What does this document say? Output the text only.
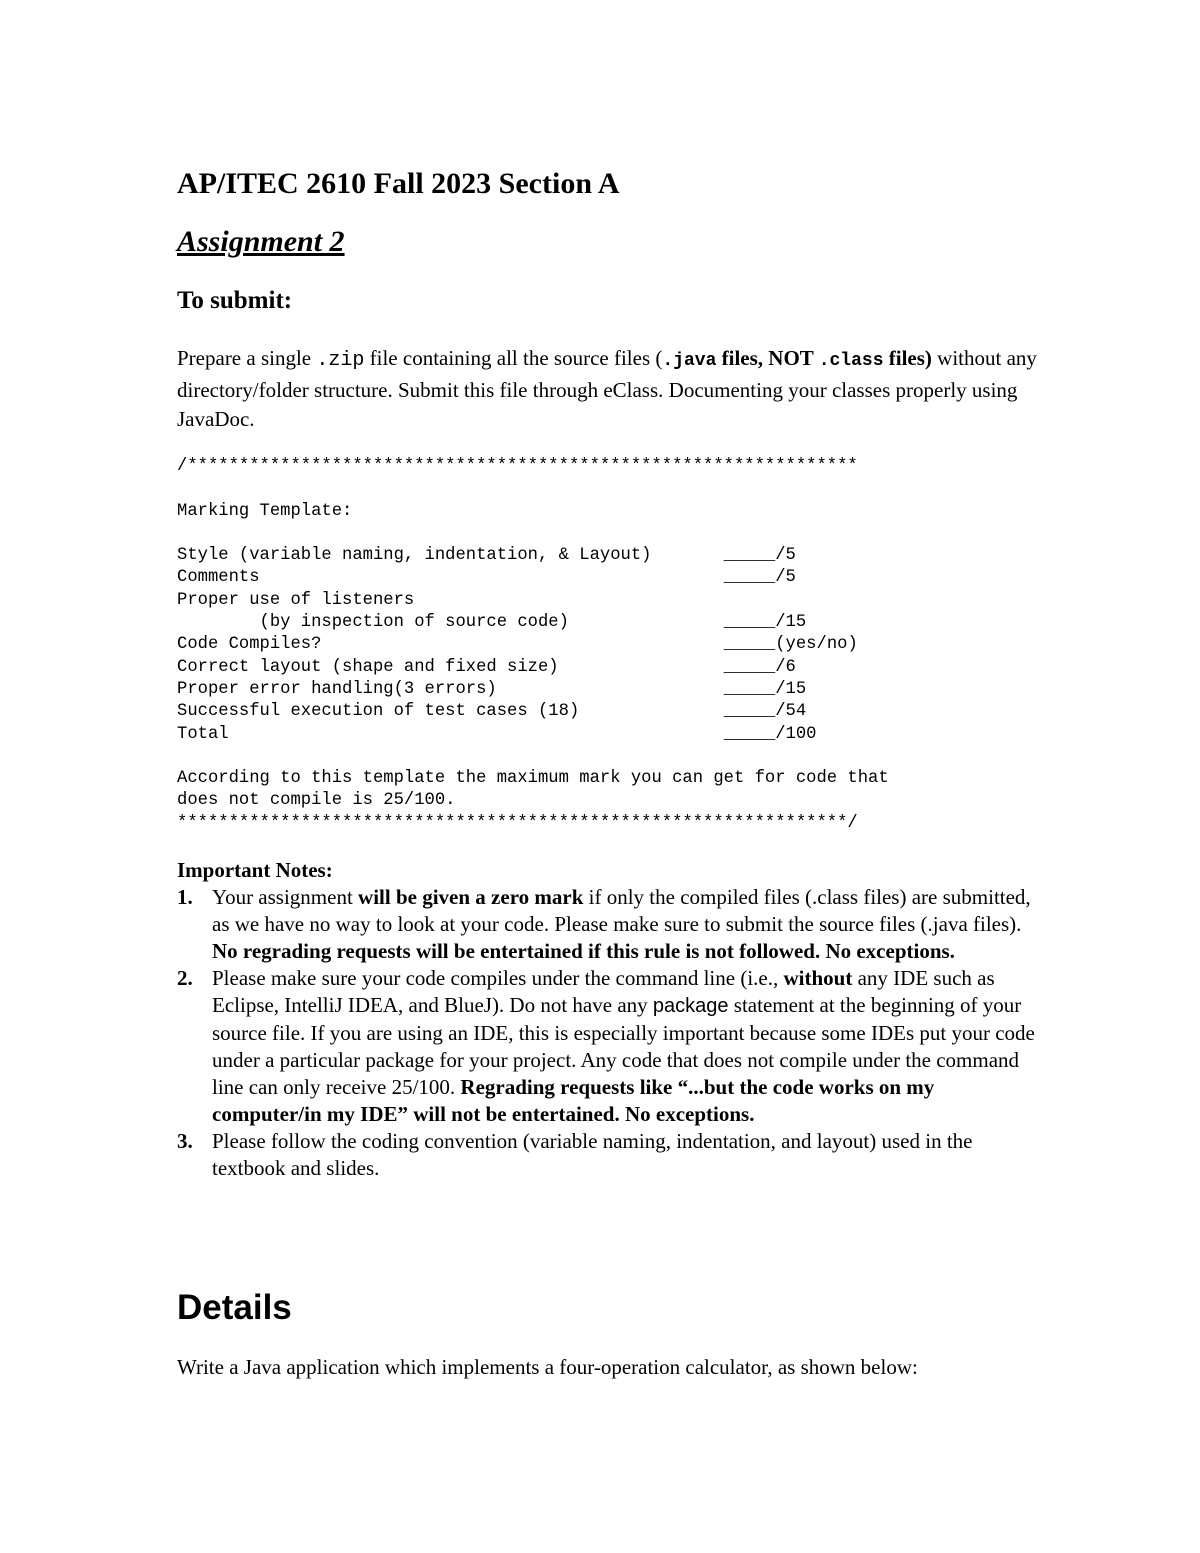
AP/ITEC 2610 Fall 2023 Section A
Assignment 2
To submit:
Prepare a single .zip file containing all the source files (.java files, NOT .class files) without any directory/folder structure. Submit this file through eClass. Documenting your classes properly using JavaDoc.
/*****************************************************************

Marking Template:

Style (variable naming, indentation, & Layout)	_____/5
Comments	_____/5
Proper use of listeners
(by inspection of source code)	_____/15
Code Compiles?	_____(yes/no)
Correct layout (shape and fixed size)	_____/6
Proper error handling(3 errors)	_____/15
Successful execution of test cases (18)	_____/54
Total	_____/100

According to this template the maximum mark you can get for code that
does not compile is 25/100.
*****************************************************************/
Important Notes:
1. Your assignment will be given a zero mark if only the compiled files (.class files) are submitted, as we have no way to look at your code. Please make sure to submit the source files (.java files). No regrading requests will be entertained if this rule is not followed. No exceptions.
2. Please make sure your code compiles under the command line (i.e., without any IDE such as Eclipse, IntelliJ IDEA, and BlueJ). Do not have any package statement at the beginning of your source file. If you are using an IDE, this is especially important because some IDEs put your code under a particular package for your project. Any code that does not compile under the command line can only receive 25/100. Regrading requests like “...but the code works on my computer/in my IDE” will not be entertained. No exceptions.
3. Please follow the coding convention (variable naming, indentation, and layout) used in the textbook and slides.
Details
Write a Java application which implements a four-operation calculator, as shown below:
